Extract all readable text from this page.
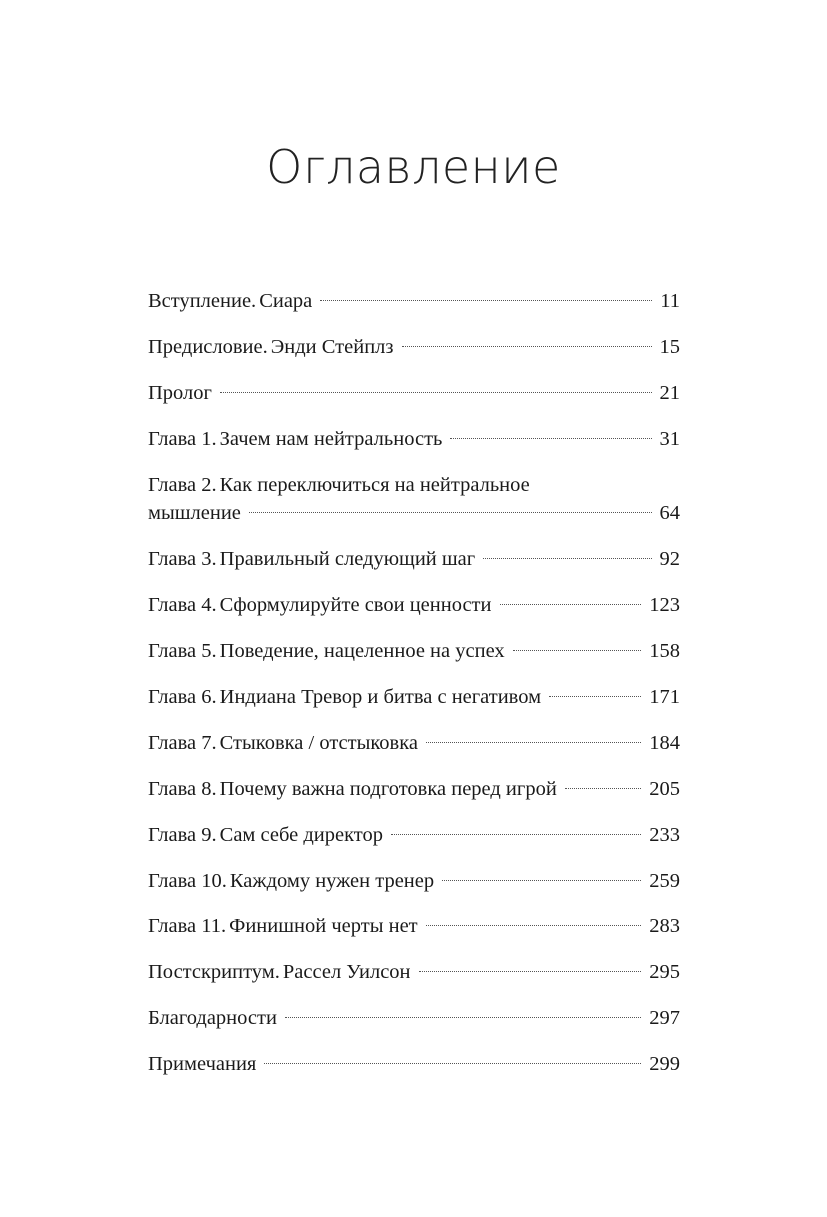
Оглавление
Вступление. Сиара	11
Предисловие. Энди Стейплз	15
Пролог	21
Глава 1. Зачем нам нейтральность	31
Глава 2. Как переключиться на нейтральное
мышление	64
Глава 3. Правильный следующий шаг	92
Глава 4. Сформулируйте свои ценности	123
Глава 5. Поведение, нацеленное на успех	158
Глава 6. Индиана Тревор и битва с негативом	171
Глава 7. Стыковка / отстыковка	184
Глава 8. Почему важна подготовка перед игрой	205
Глава 9. Сам себе директор	233
Глава 10. Каждому нужен тренер	259
Глава 11. Финишной черты нет	283
Постскриптум. Рассел Уилсон	295
Благодарности	297
Примечания	299
